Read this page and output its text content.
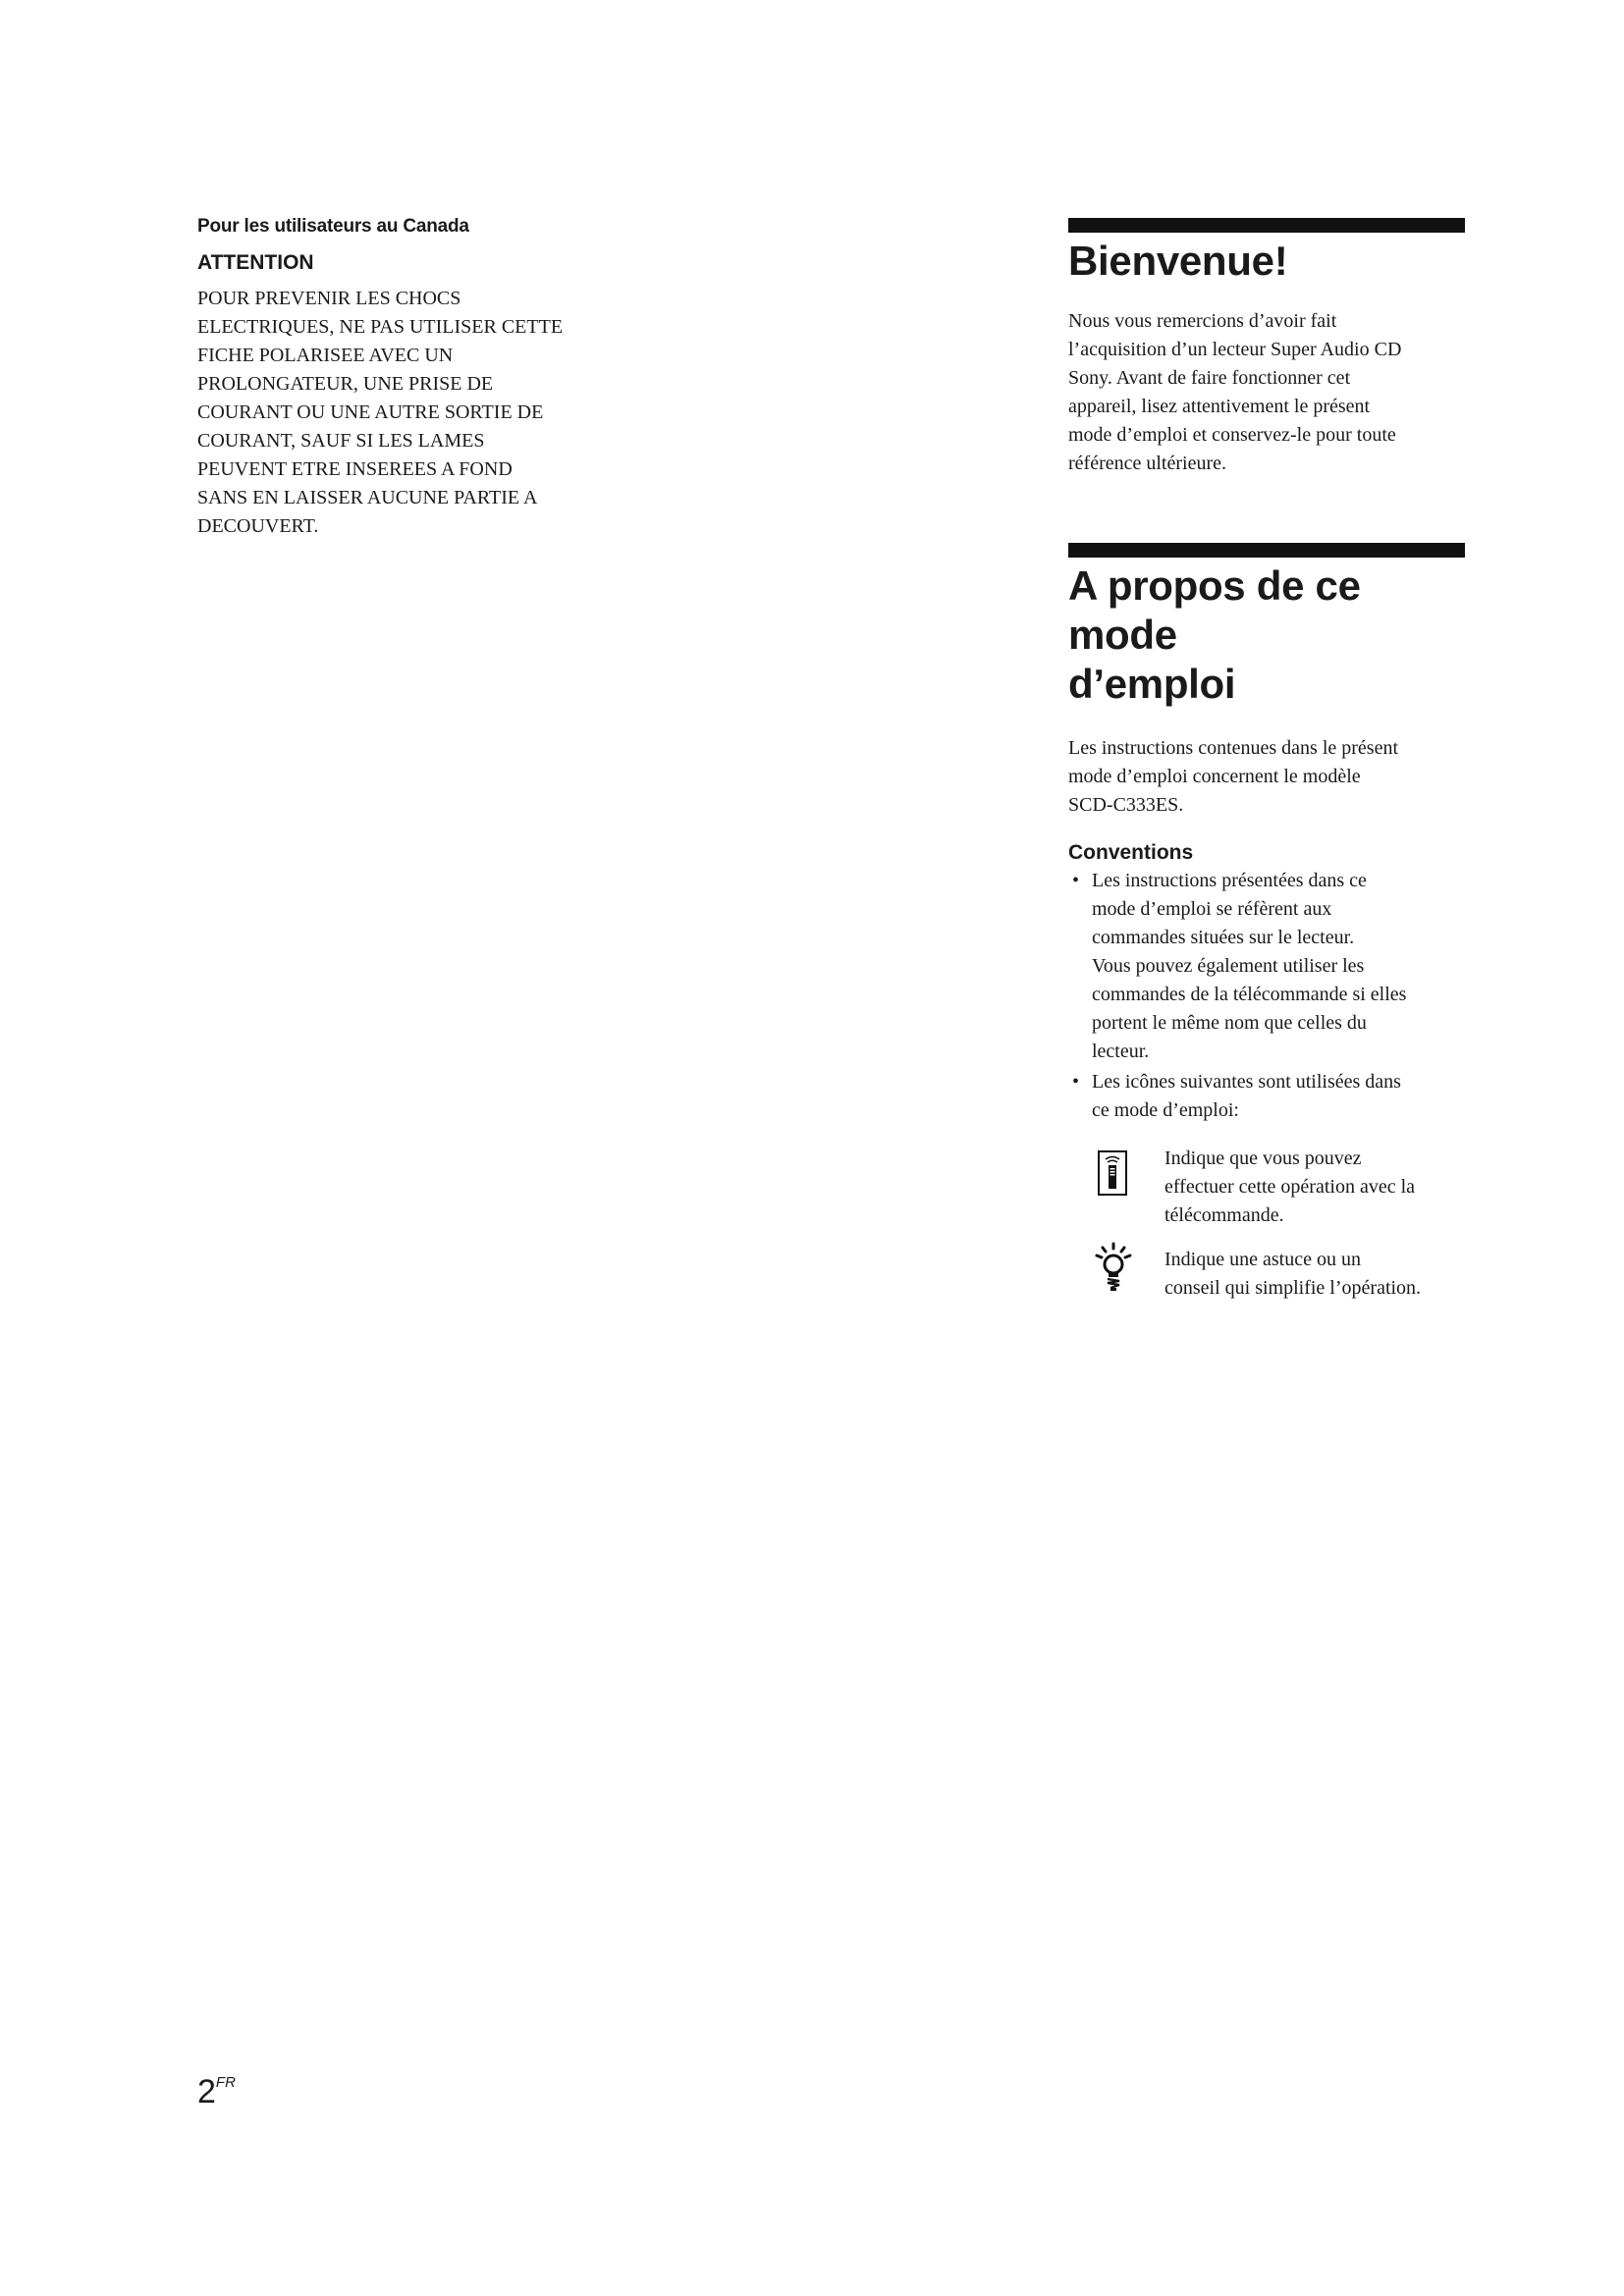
Pour les utilisateurs au Canada
ATTENTION
POUR PREVENIR LES CHOCS
ELECTRIQUES, NE PAS UTILISER CETTE
FICHE POLARISEE AVEC UN
PROLONGATEUR, UNE PRISE DE
COURANT OU UNE AUTRE SORTIE DE
COURANT, SAUF SI LES LAMES
PEUVENT ETRE INSEREES A FOND
SANS EN LAISSER AUCUNE PARTIE A
DECOUVERT.
Bienvenue!
Nous vous remercions d’avoir fait
l’acquisition d’un lecteur Super Audio CD
Sony. Avant de faire fonctionner cet
appareil, lisez attentivement le présent
mode d’emploi et conservez-le pour toute
référence ultérieure.
A propos de ce mode
d’emploi
Les instructions contenues dans le présent
mode d’emploi concernent le modèle
SCD-C333ES.
Conventions
• Les instructions présentées dans ce
mode d’emploi se réfèrent aux
commandes situées sur le lecteur.
Vous pouvez également utiliser les
commandes de la télécommande si elles
portent le même nom que celles du
lecteur.
• Les icônes suivantes sont utilisées dans
ce mode d’emploi:
Indique que vous pouvez
effectuer cette opération avec la
télécommande.
Indique une astuce ou un
conseil qui simplifie l’opération.
$2^{FR}$
